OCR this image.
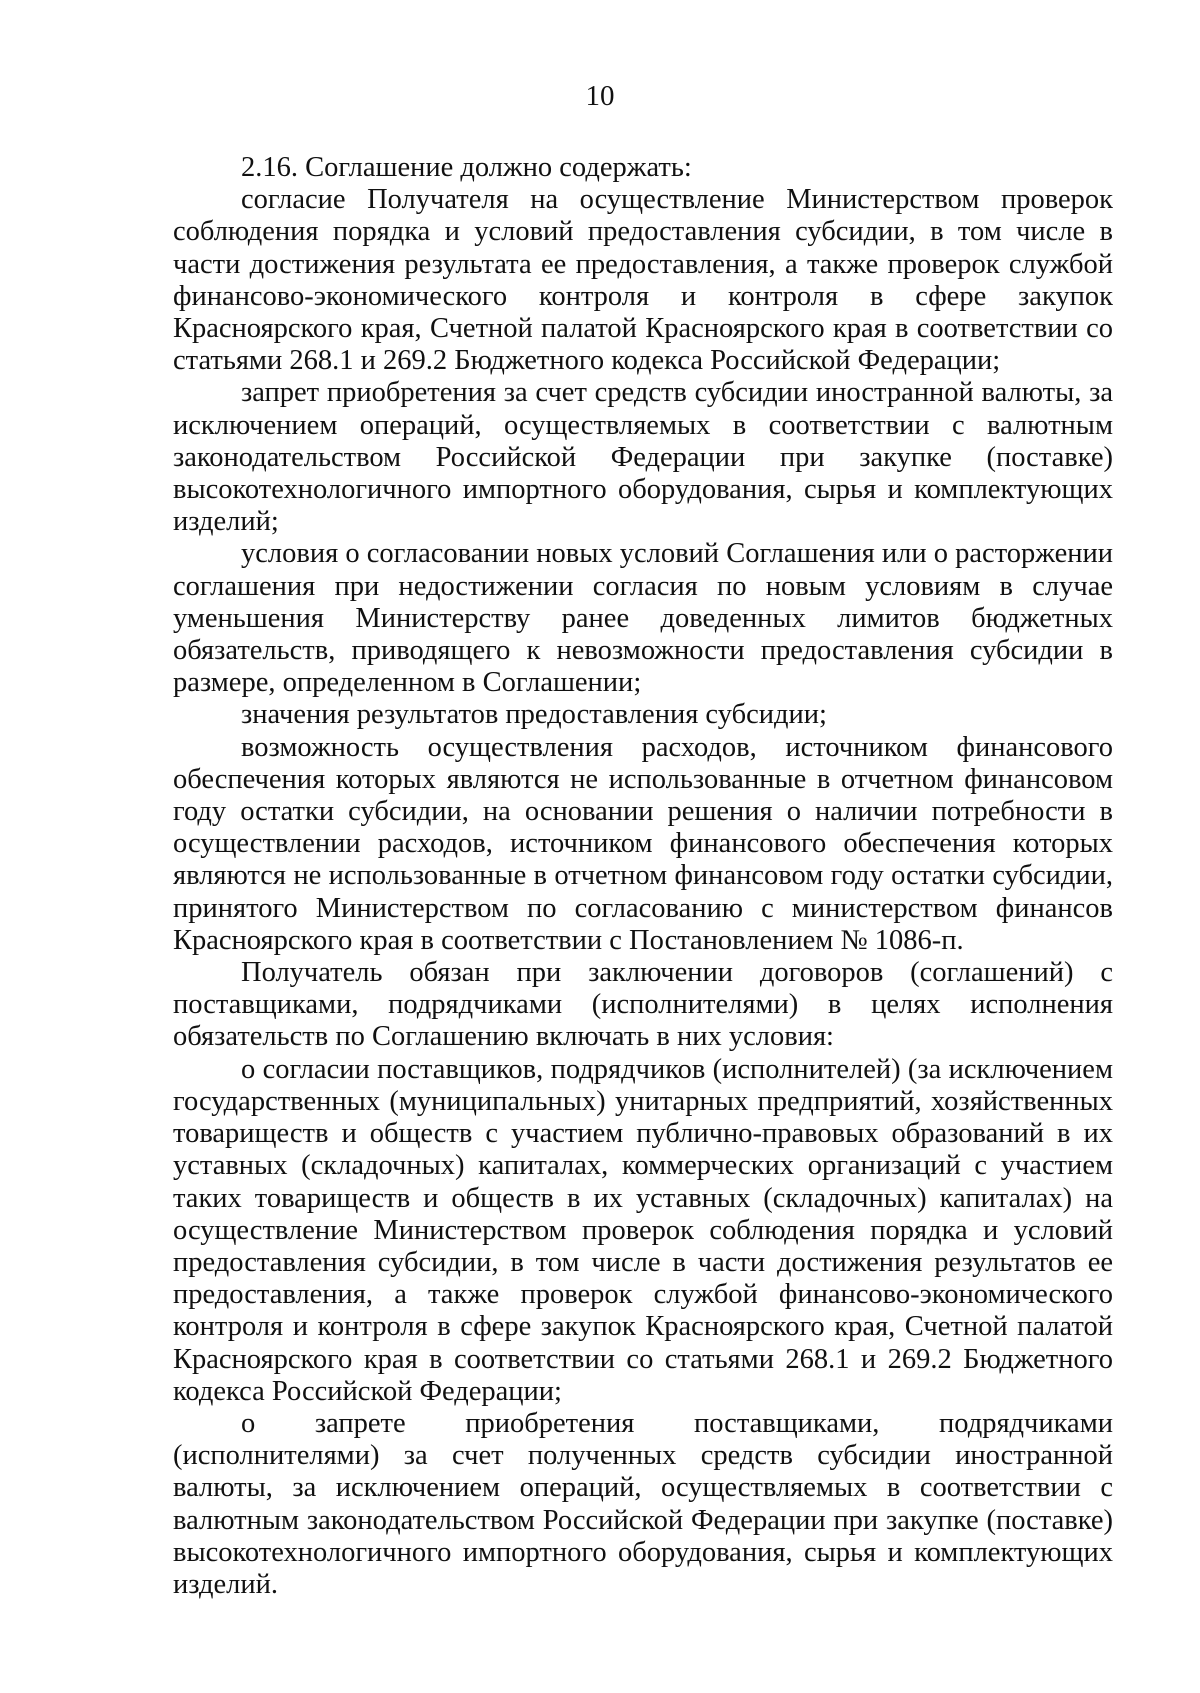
10

2.16. Соглашение должно содержать:

согласие Получателя на осуществление Министерством проверок соблюдения порядка и условий предоставления субсидии, в том числе в части достижения результата ее предоставления, а также проверок службой финансово-экономического контроля и контроля в сфере закупок Красноярского края, Счетной палатой Красноярского края в соответствии со статьями 268.1 и 269.2 Бюджетного кодекса Российской Федерации;

запрет приобретения за счет средств субсидии иностранной валюты, за исключением операций, осуществляемых в соответствии с валютным законодательством Российской Федерации при закупке (поставке) высокотехнологичного импортного оборудования, сырья и комплектующих изделий;

условия о согласовании новых условий Соглашения или о расторжении соглашения при недостижении согласия по новым условиям в случае уменьшения Министерству ранее доведенных лимитов бюджетных обязательств, приводящего к невозможности предоставления субсидии в размере, определенном в Соглашении;

значения результатов предоставления субсидии;

возможность осуществления расходов, источником финансового обеспечения которых являются не использованные в отчетном финансовом году остатки субсидии, на основании решения о наличии потребности в осуществлении расходов, источником финансового обеспечения которых являются не использованные в отчетном финансовом году остатки субсидии, принятого Министерством по согласованию с министерством финансов Красноярского края в соответствии с Постановлением № 1086-п.

Получатель обязан при заключении договоров (соглашений) с поставщиками, подрядчиками (исполнителями) в целях исполнения обязательств по Соглашению включать в них условия:

о согласии поставщиков, подрядчиков (исполнителей) (за исключением государственных (муниципальных) унитарных предприятий, хозяйственных товариществ и обществ с участием публично-правовых образований в их уставных (складочных) капиталах, коммерческих организаций с участием таких товариществ и обществ в их уставных (складочных) капиталах) на осуществление Министерством проверок соблюдения порядка и условий предоставления субсидии, в том числе в части достижения результатов ее предоставления, а также проверок службой финансово-экономического контроля и контроля в сфере закупок Красноярского края, Счетной палатой Красноярского края в соответствии со статьями 268.1 и 269.2 Бюджетного кодекса Российской Федерации;

о запрете приобретения поставщиками, подрядчиками (исполнителями) за счет полученных средств субсидии иностранной валюты, за исключением операций, осуществляемых в соответствии с валютным законодательством Российской Федерации при закупке (поставке) высокотехнологичного импортного оборудования, сырья и комплектующих изделий.
